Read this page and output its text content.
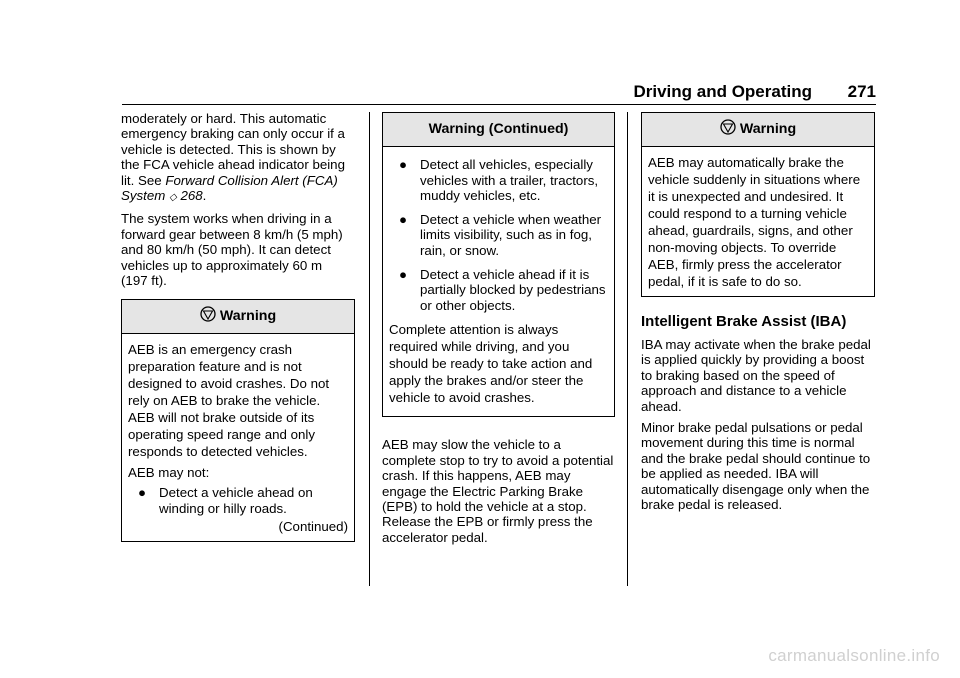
Driving and Operating 271

moderately or hard. This automatic emergency braking can only occur if a vehicle is detected. This is shown by the FCA vehicle ahead indicator being lit. See Forward Collision Alert (FCA) System ◇ 268.

The system works when driving in a forward gear between 8 km/h (5 mph) and 80 km/h (50 mph). It can detect vehicles up to approximately 60 m (197 ft).

Warning

AEB is an emergency crash preparation feature and is not designed to avoid crashes. Do not rely on AEB to brake the vehicle. AEB will not brake outside of its operating speed range and only responds to detected vehicles.

AEB may not:

● Detect a vehicle ahead on winding or hilly roads.
(Continued)
Warning (Continued)
● Detect all vehicles, especially vehicles with a trailer, tractors, muddy vehicles, etc.
● Detect a vehicle when weather limits visibility, such as in fog, rain, or snow.
● Detect a vehicle ahead if it is partially blocked by pedestrians or other objects.

Complete attention is always required while driving, and you should be ready to take action and apply the brakes and/or steer the vehicle to avoid crashes.

AEB may slow the vehicle to a complete stop to try to avoid a potential crash. If this happens, AEB may engage the Electric Parking Brake (EPB) to hold the vehicle at a stop. Release the EPB or firmly press the accelerator pedal.

Warning

AEB may automatically brake the vehicle suddenly in situations where it is unexpected and undesired. It could respond to a turning vehicle ahead, guardrails, signs, and other non-moving objects. To override AEB, firmly press the accelerator pedal, if it is safe to do so.

Intelligent Brake Assist (IBA)

IBA may activate when the brake pedal is applied quickly by providing a boost to braking based on the speed of approach and distance to a vehicle ahead.

Minor brake pedal pulsations or pedal movement during this time is normal and the brake pedal should continue to be applied as needed. IBA will automatically disengage only when the brake pedal is released.

carmanualsonline.info
